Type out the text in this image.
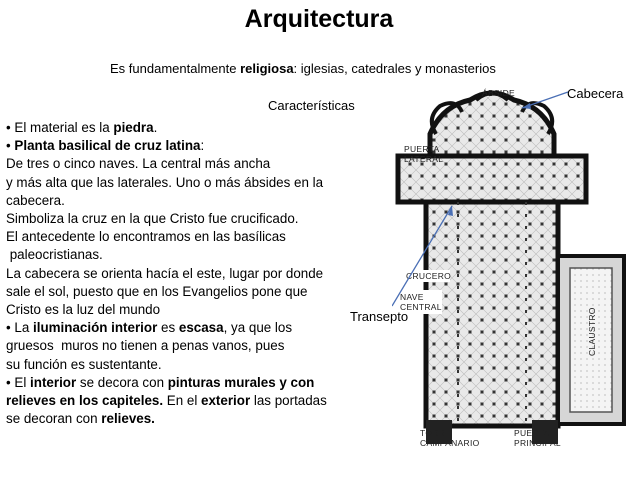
Arquitectura
Es fundamentalmente religiosa: iglesias, catedrales y monasterios
Características
• El material es la piedra.
• Planta basilical de cruz latina:
De tres o cinco naves. La central más ancha
y más alta que las laterales. Uno o más ábsides en la
cabecera.
Simboliza la cruz en la que Cristo fue crucificado.
El antecedente lo encontramos en las basílicas
paleocristianas.
La cabecera se orienta hacía el este, lugar por donde
sale el sol, puesto que en los Evangelios pone que
Cristo es la luz del mundo
• La iluminación interior es escasa, ya que los
gruesos  muros no tienen a penas vanos, pues
su función es sustentante.
• El interior se decora con pinturas murales y con
relieves en los capiteles. En el exterior las portadas
se decoran con relieves.
ÁBSIDE
PUERTA
LATERAL
CRUCERO
NAVE
CENTRAL
CLAUSTRO
TORRE
CAMPANARIO
PUERTA
PRINCIPAL
Cabecera
Transepto
